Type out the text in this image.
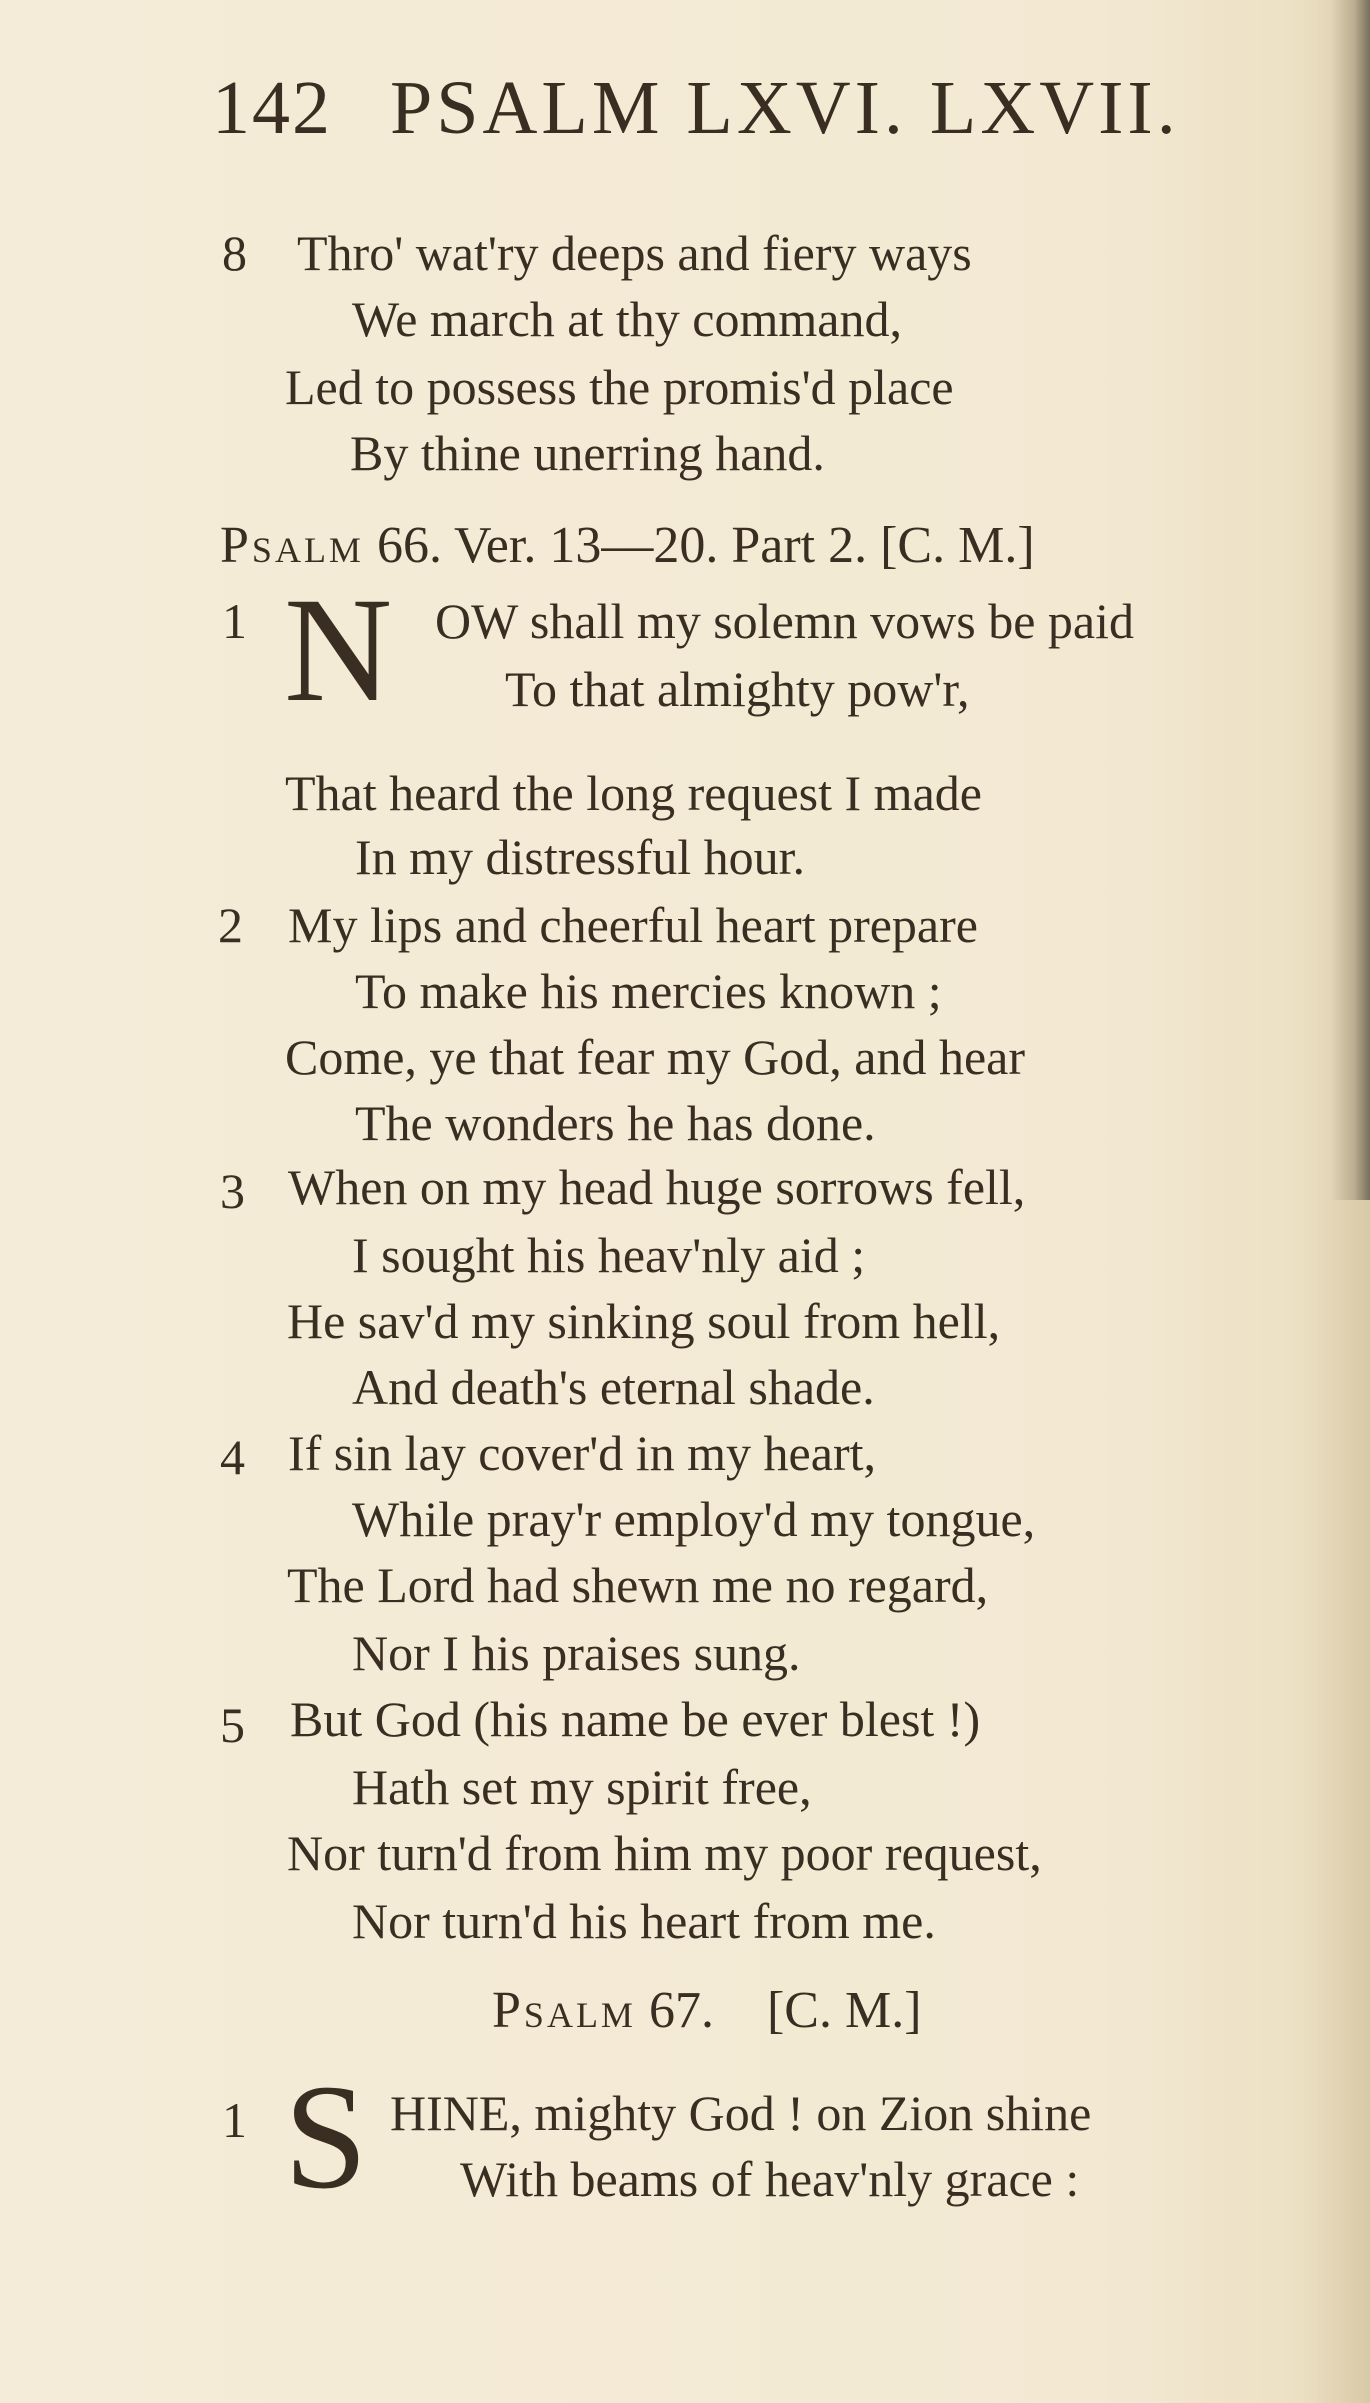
142 PSALM LXVI. LXVII.
8 Thro' wat'ry deeps and fiery ways
We march at thy command,
Led to possess the promis'd place
By thine unerring hand.
Psalm 66. Ver. 13—20. Part 2. [C. M.]
1 N OW shall my solemn vows be paid
To that almighty pow'r,
That heard the long request I made
In my distressful hour.
2 My lips and cheerful heart prepare
To make his mercies known ;
Come, ye that fear my God, and hear
The wonders he has done.
3 When on my head huge sorrows fell,
I sought his heav'nly aid ;
He sav'd my sinking soul from hell,
And death's eternal shade.
4 If sin lay cover'd in my heart,
While pray'r employ'd my tongue,
The Lord had shewn me no regard,
Nor I his praises sung.
5 But God (his name be ever blest !)
Hath set my spirit free,
Nor turn'd from him my poor request,
Nor turn'd his heart from me.
Psalm 67. [C. M.]
1 S HINE, mighty God ! on Zion shine
With beams of heav'nly grace :
